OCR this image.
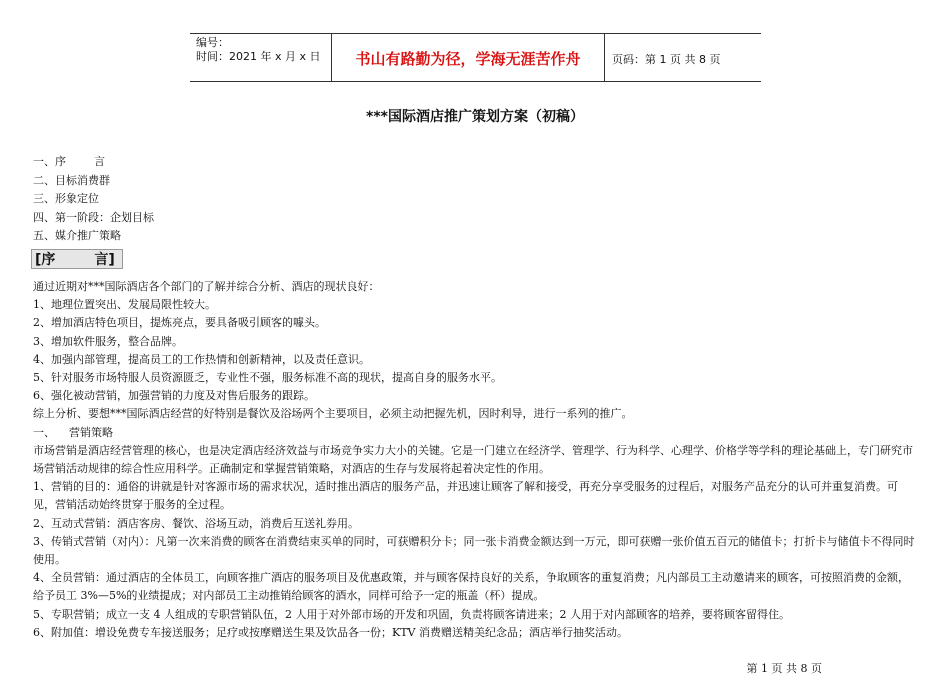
编号：
时间：2021 年 x 月 x 日	书山有路勤为径，学海无涯苦作舟	页码：第 1 页 共 8 页
***国际酒店推广策划方案（初稿）
一、序        言
二、目标消费群
三、形象定位
四、第一阶段：企划目标
五、媒介推广策略
[序        言]

通过近期对***国际酒店各个部门的了解并综合分析、酒店的现状良好：

1、地理位置突出、发展局限性较大。

2、增加酒店特色项目，提炼亮点，要具备吸引顾客的噱头。

3、增加软件服务，整合品牌。

4、加强内部管理，提高员工的工作热情和创新精神，以及责任意识。

5、针对服务市场特服人员资源匮乏，专业性不强，服务标准不高的现状，提高自身的服务水平。

6、强化被动营销，加强营销的力度及对售后服务的跟踪。

综上分析、要想***国际酒店经营的好特别是餐饮及浴场两个主要项目，必须主动把握先机，因时利导，进行一系列的推广。

一、    营销策略

市场营销是酒店经营管理的核心，也是决定酒店经济效益与市场竞争实力大小的关键。它是一门建立在经济学、管理学、行为科学、心理学、价格学等学科的理论基础上，专门研究市场营销活动规律的综合性应用科学。正确制定和掌握营销策略，对酒店的生存与发展将起着决定性的作用。

1、营销的目的：通俗的讲就是针对客源市场的需求状况，适时推出酒店的服务产品，并迅速让顾客了解和接受，再充分享受服务的过程后，对服务产品充分的认可并重复消费。可见，营销活动始终贯穿于服务的全过程。

2、互动式营销：酒店客房、餐饮、浴场互动，消费后互送礼券用。

3、传销式营销（对内）：凡第一次来消费的顾客在消费结束买单的同时，可获赠积分卡；同一张卡消费金额达到一万元，即可获赠一张价值五百元的储值卡；打折卡与储值卡不得同时使用。

4、全员营销：通过酒店的全体员工，向顾客推广酒店的服务项目及优惠政策，并与顾客保持良好的关系，争取顾客的重复消费；凡内部员工主动邀请来的顾客，可按照消费的金额，给予员工 3%—5%的业绩提成；对内部员工主动推销给顾客的酒水，同样可给予一定的瓶盖（杯）提成。

5、专职营销；成立一支 4 人组成的专职营销队伍，2 人用于对外部市场的开发和巩固，负责将顾客请进来；2 人用于对内部顾客的培养，要将顾客留得住。

6、附加值：增设免费专车接送服务；足疗或按摩赠送生果及饮品各一份；KTV 消费赠送精美纪念品；酒店举行抽奖活动。

第 1 页 共 8 页
